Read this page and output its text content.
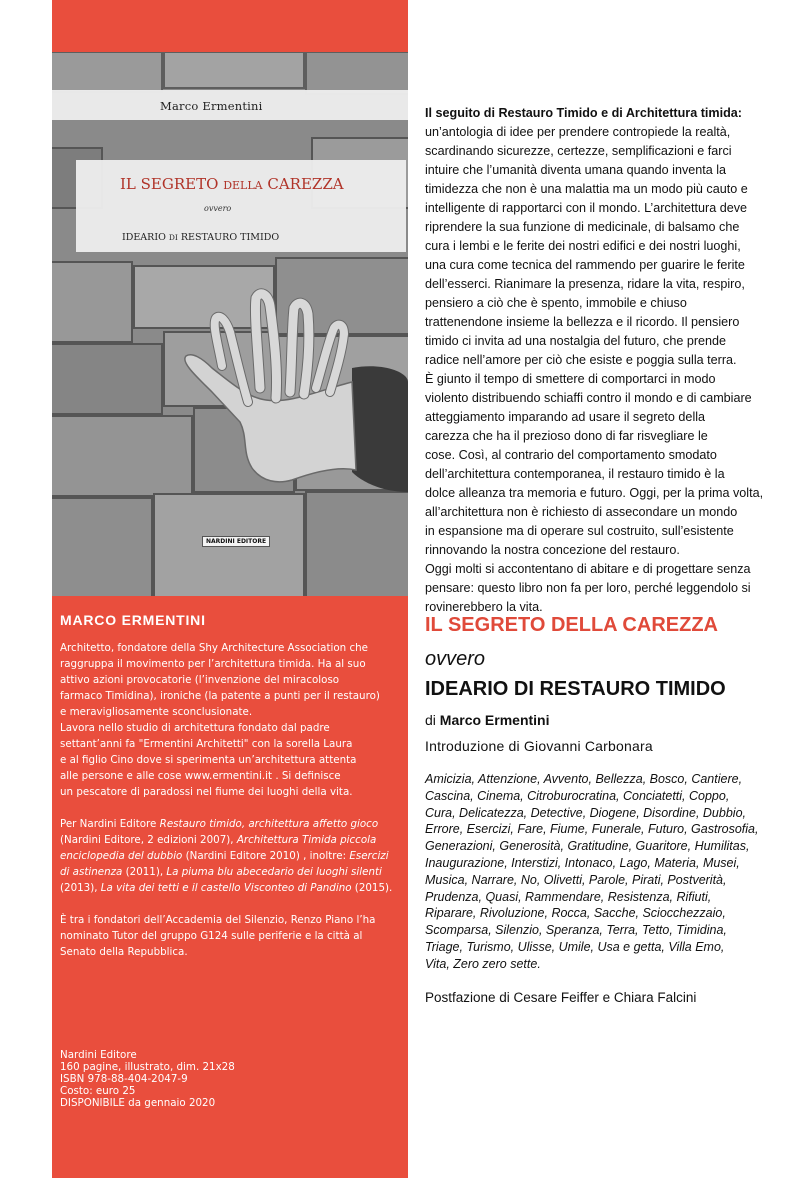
Marco Ermentini
IL SEGRETO DELLA CAREZZA
ovvero
IDEARIO DI RESTAURO TIMIDO
NARDINI EDITORE
MARCO ERMENTINI
Architetto, fondatore della Shy Architecture Association che
raggruppa il movimento per l’architettura timida. Ha al suo
attivo azioni provocatorie (l’invenzione del miracoloso
farmaco Timidina), ironiche (la patente a punti per il restauro)
e meravigliosamente sconclusionate.
Lavora nello studio di architettura fondato dal padre
settant’anni fa "Ermentini Architetti" con la sorella Laura
e al figlio Cino dove si sperimenta un’architettura attenta
alle persone e alle cose www.ermentini.it . Si definisce
un pescatore di paradossi nel fiume dei luoghi della vita.
Per Nardini Editore Restauro timido, architettura affetto gioco
(Nardini Editore, 2 edizioni 2007), Architettura Timida piccola
enciclopedia del dubbio (Nardini Editore 2010) , inoltre: Esercizi
di astinenza (2011), La piuma blu abecedario dei luoghi silenti
(2013), La vita dei tetti e il castello Visconteo di Pandino (2015).
È tra i fondatori dell’Accademia del Silenzio, Renzo Piano l’ha
nominato Tutor del gruppo G124 sulle periferie e la città al
Senato della Repubblica.
Nardini Editore
160 pagine, illustrato, dim. 21x28
ISBN 978-88-404-2047-9
Costo: euro 25
DISPONIBILE da gennaio 2020
Il seguito di Restauro Timido e di Architettura timida:
un’antologia di idee per prendere contropiede la realtà,
scardinando sicurezze, certezze, semplificazioni e farci
intuire che l’umanità diventa umana quando inventa la
timidezza che non è una malattia ma un modo più cauto e
intelligente di rapportarci con il mondo. L’architettura deve
riprendere la sua funzione di medicinale, di balsamo che
cura i lembi e le ferite dei nostri edifici e dei nostri luoghi,
una cura come tecnica del rammendo per guarire le ferite
dell’esserci. Rianimare la presenza, ridare la vita, respiro,
pensiero a ciò che è spento, immobile e chiuso
trattenendone insieme la bellezza e il ricordo. Il pensiero
timido ci invita ad una nostalgia del futuro, che prende
radice nell’amore per ciò che esiste e poggia sulla terra.
È giunto il tempo di smettere di comportarci in modo
violento distribuendo schiaffi contro il mondo e di cambiare
atteggiamento imparando ad usare il segreto della
carezza che ha il prezioso dono di far risvegliare le
cose. Così, al contrario del comportamento smodato
dell’architettura contemporanea, il restauro timido è la
dolce alleanza tra memoria e futuro. Oggi, per la prima volta,
all’architettura non è richiesto di assecondare un mondo
in espansione ma di operare sul costruito, sull’esistente
rinnovando la nostra concezione del restauro.
Oggi molti si accontentano di abitare e di progettare senza
pensare: questo libro non fa per loro, perché leggendolo si
rovinerebbero la vita.
IL SEGRETO DELLA CAREZZA
ovvero
IDEARIO DI RESTAURO TIMIDO
di Marco Ermentini
Introduzione di Giovanni Carbonara
Amicizia, Attenzione, Avvento, Bellezza, Bosco, Cantiere,
Cascina, Cinema, Citroburocratina, Conciatetti, Coppo,
Cura, Delicatezza, Detective, Diogene, Disordine, Dubbio,
Errore, Esercizi, Fare, Fiume, Funerale, Futuro, Gastrosofia,
Generazioni, Generosità, Gratitudine, Guaritore, Humilitas,
Inaugurazione, Interstizi, Intonaco, Lago, Materia, Musei,
Musica, Narrare, No, Olivetti, Parole, Pirati, Postverità,
Prudenza, Quasi, Rammendare, Resistenza, Rifiuti,
Riparare, Rivoluzione, Rocca, Sacche, Sciocchezzaio,
Scomparsa, Silenzio, Speranza, Terra, Tetto, Timidina,
Triage, Turismo, Ulisse, Umile, Usa e getta, Villa Emo,
Vita, Zero zero sette.
Postfazione di Cesare Feiffer e Chiara Falcini
